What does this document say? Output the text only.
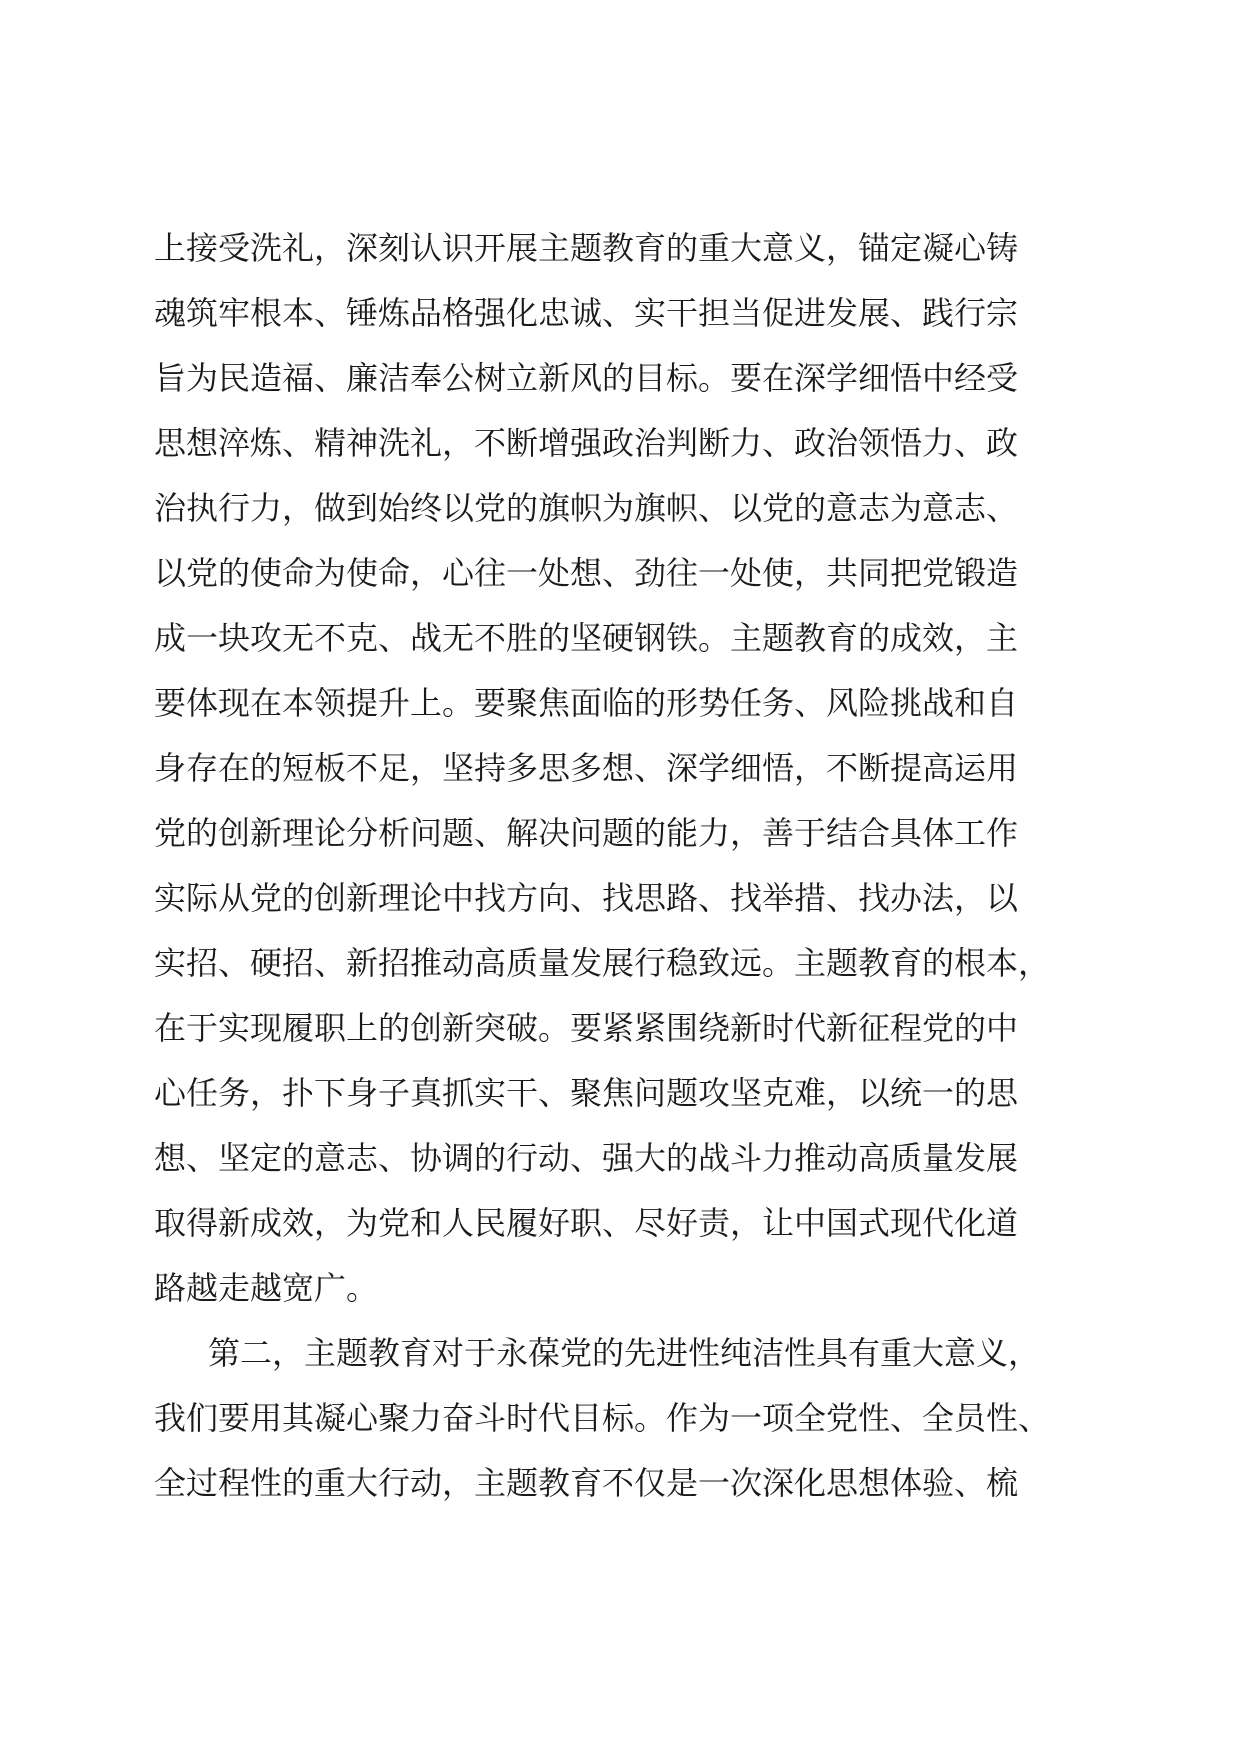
上接受洗礼，深刻认识开展主题教育的重大意义，锚定凝心铸
魂筑牢根本、锤炼品格强化忠诚、实干担当促进发展、践行宗
旨为民造福、廉洁奉公树立新风的目标。要在深学细悟中经受
思想淬炼、精神洗礼，不断增强政治判断力、政治领悟力、政
治执行力，做到始终以党的旗帜为旗帜、以党的意志为意志、
以党的使命为使命，心往一处想、劲往一处使，共同把党锻造
成一块攻无不克、战无不胜的坚硬钢铁。主题教育的成效，主
要体现在本领提升上。要聚焦面临的形势任务、风险挑战和自
身存在的短板不足，坚持多思多想、深学细悟，不断提高运用
党的创新理论分析问题、解决问题的能力，善于结合具体工作
实际从党的创新理论中找方向、找思路、找举措、找办法，以
实招、硬招、新招推动高质量发展行稳致远。主题教育的根本，
在于实现履职上的创新突破。要紧紧围绕新时代新征程党的中
心任务，扑下身子真抓实干、聚焦问题攻坚克难，以统一的思
想、坚定的意志、协调的行动、强大的战斗力推动高质量发展
取得新成效，为党和人民履好职、尽好责，让中国式现代化道
路越走越宽广。
第二，主题教育对于永葆党的先进性纯洁性具有重大意义，
我们要用其凝心聚力奋斗时代目标。作为一项全党性、全员性、
全过程性的重大行动，主题教育不仅是一次深化思想体验、梳
